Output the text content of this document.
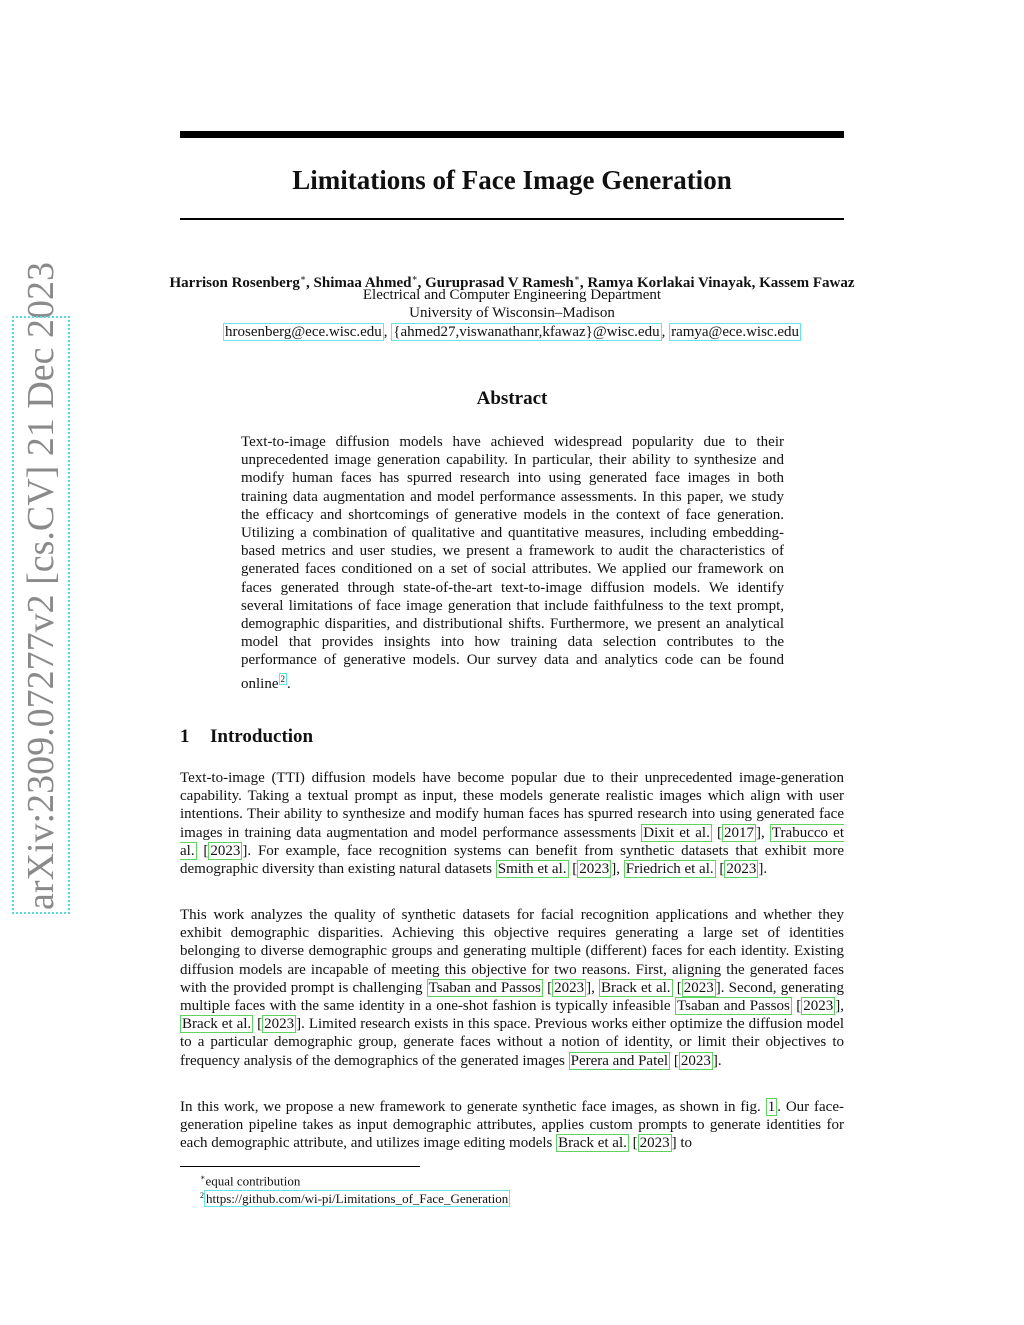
arXiv:2309.07277v2 [cs.CV] 21 Dec 2023
Limitations of Face Image Generation
Harrison Rosenberg∗, Shimaa Ahmed∗, Guruprasad V Ramesh∗, Ramya Korlakai Vinayak, Kassem Fawaz
Electrical and Computer Engineering Department
University of Wisconsin–Madison
hrosenberg@ece.wisc.edu , {ahmed27,viswanathanr,kfawaz}@wisc.edu , ramya@ece.wisc.edu
Abstract

Text-to-image diffusion models have achieved widespread popularity due to their unprecedented image generation capability. In particular, their ability to synthesize and modify human faces has spurred research into using generated face images in both training data augmentation and model performance assessments. In this paper, we study the efficacy and shortcomings of generative models in the context of face generation. Utilizing a combination of qualitative and quantitative measures, including embedding-based metrics and user studies, we present a framework to audit the characteristics of generated faces conditioned on a set of social attributes. We applied our framework on faces generated through state-of-the-art text-to-image diffusion models. We identify several limitations of face image generation that include faithfulness to the text prompt, demographic disparities, and distributional shifts. Furthermore, we present an analytical model that provides insights into how training data selection contributes to the performance of generative models. Our survey data and analytics code can be found online $^2$ .

1 Introduction

Text-to-image (TTI) diffusion models have become popular due to their unprecedented image-generation capability. Taking a textual prompt as input, these models generate realistic images which align with user intentions. Their ability to synthesize and modify human faces has spurred research into using generated face images in training data augmentation and model performance assessments Dixit et al. [ 2017 ], Trabucco et al. [ 2023 ]. For example, face recognition systems can benefit from synthetic datasets that exhibit more demographic diversity than existing natural datasets Smith et al. [ 2023 ], Friedrich et al. [ 2023 ].

This work analyzes the quality of synthetic datasets for facial recognition applications and whether they exhibit demographic disparities. Achieving this objective requires generating a large set of identities belonging to diverse demographic groups and generating multiple (different) faces for each identity. Existing diffusion models are incapable of meeting this objective for two reasons. First, aligning the generated faces with the provided prompt is challenging Tsaban and Passos [ 2023 ], Brack et al. [ 2023 ]. Second, generating multiple faces with the same identity in a one-shot fashion is typically infeasible Tsaban and Passos [ 2023 ], Brack et al. [ 2023 ]. Limited research exists in this space. Previous works either optimize the diffusion model to a particular demographic group, generate faces without a notion of identity, or limit their objectives to frequency analysis of the demographics of the generated images Perera and Patel [ 2023 ].

In this work, we propose a new framework to generate synthetic face images, as shown in fig. 1 . Our face-generation pipeline takes as input demographic attributes, applies custom prompts to generate identities for each demographic attribute, and utilizes image editing models Brack et al. [ 2023 ] to

∗equal contribution
$^2$ https://github.com/wi-pi/Limitations_of_Face_Generation
